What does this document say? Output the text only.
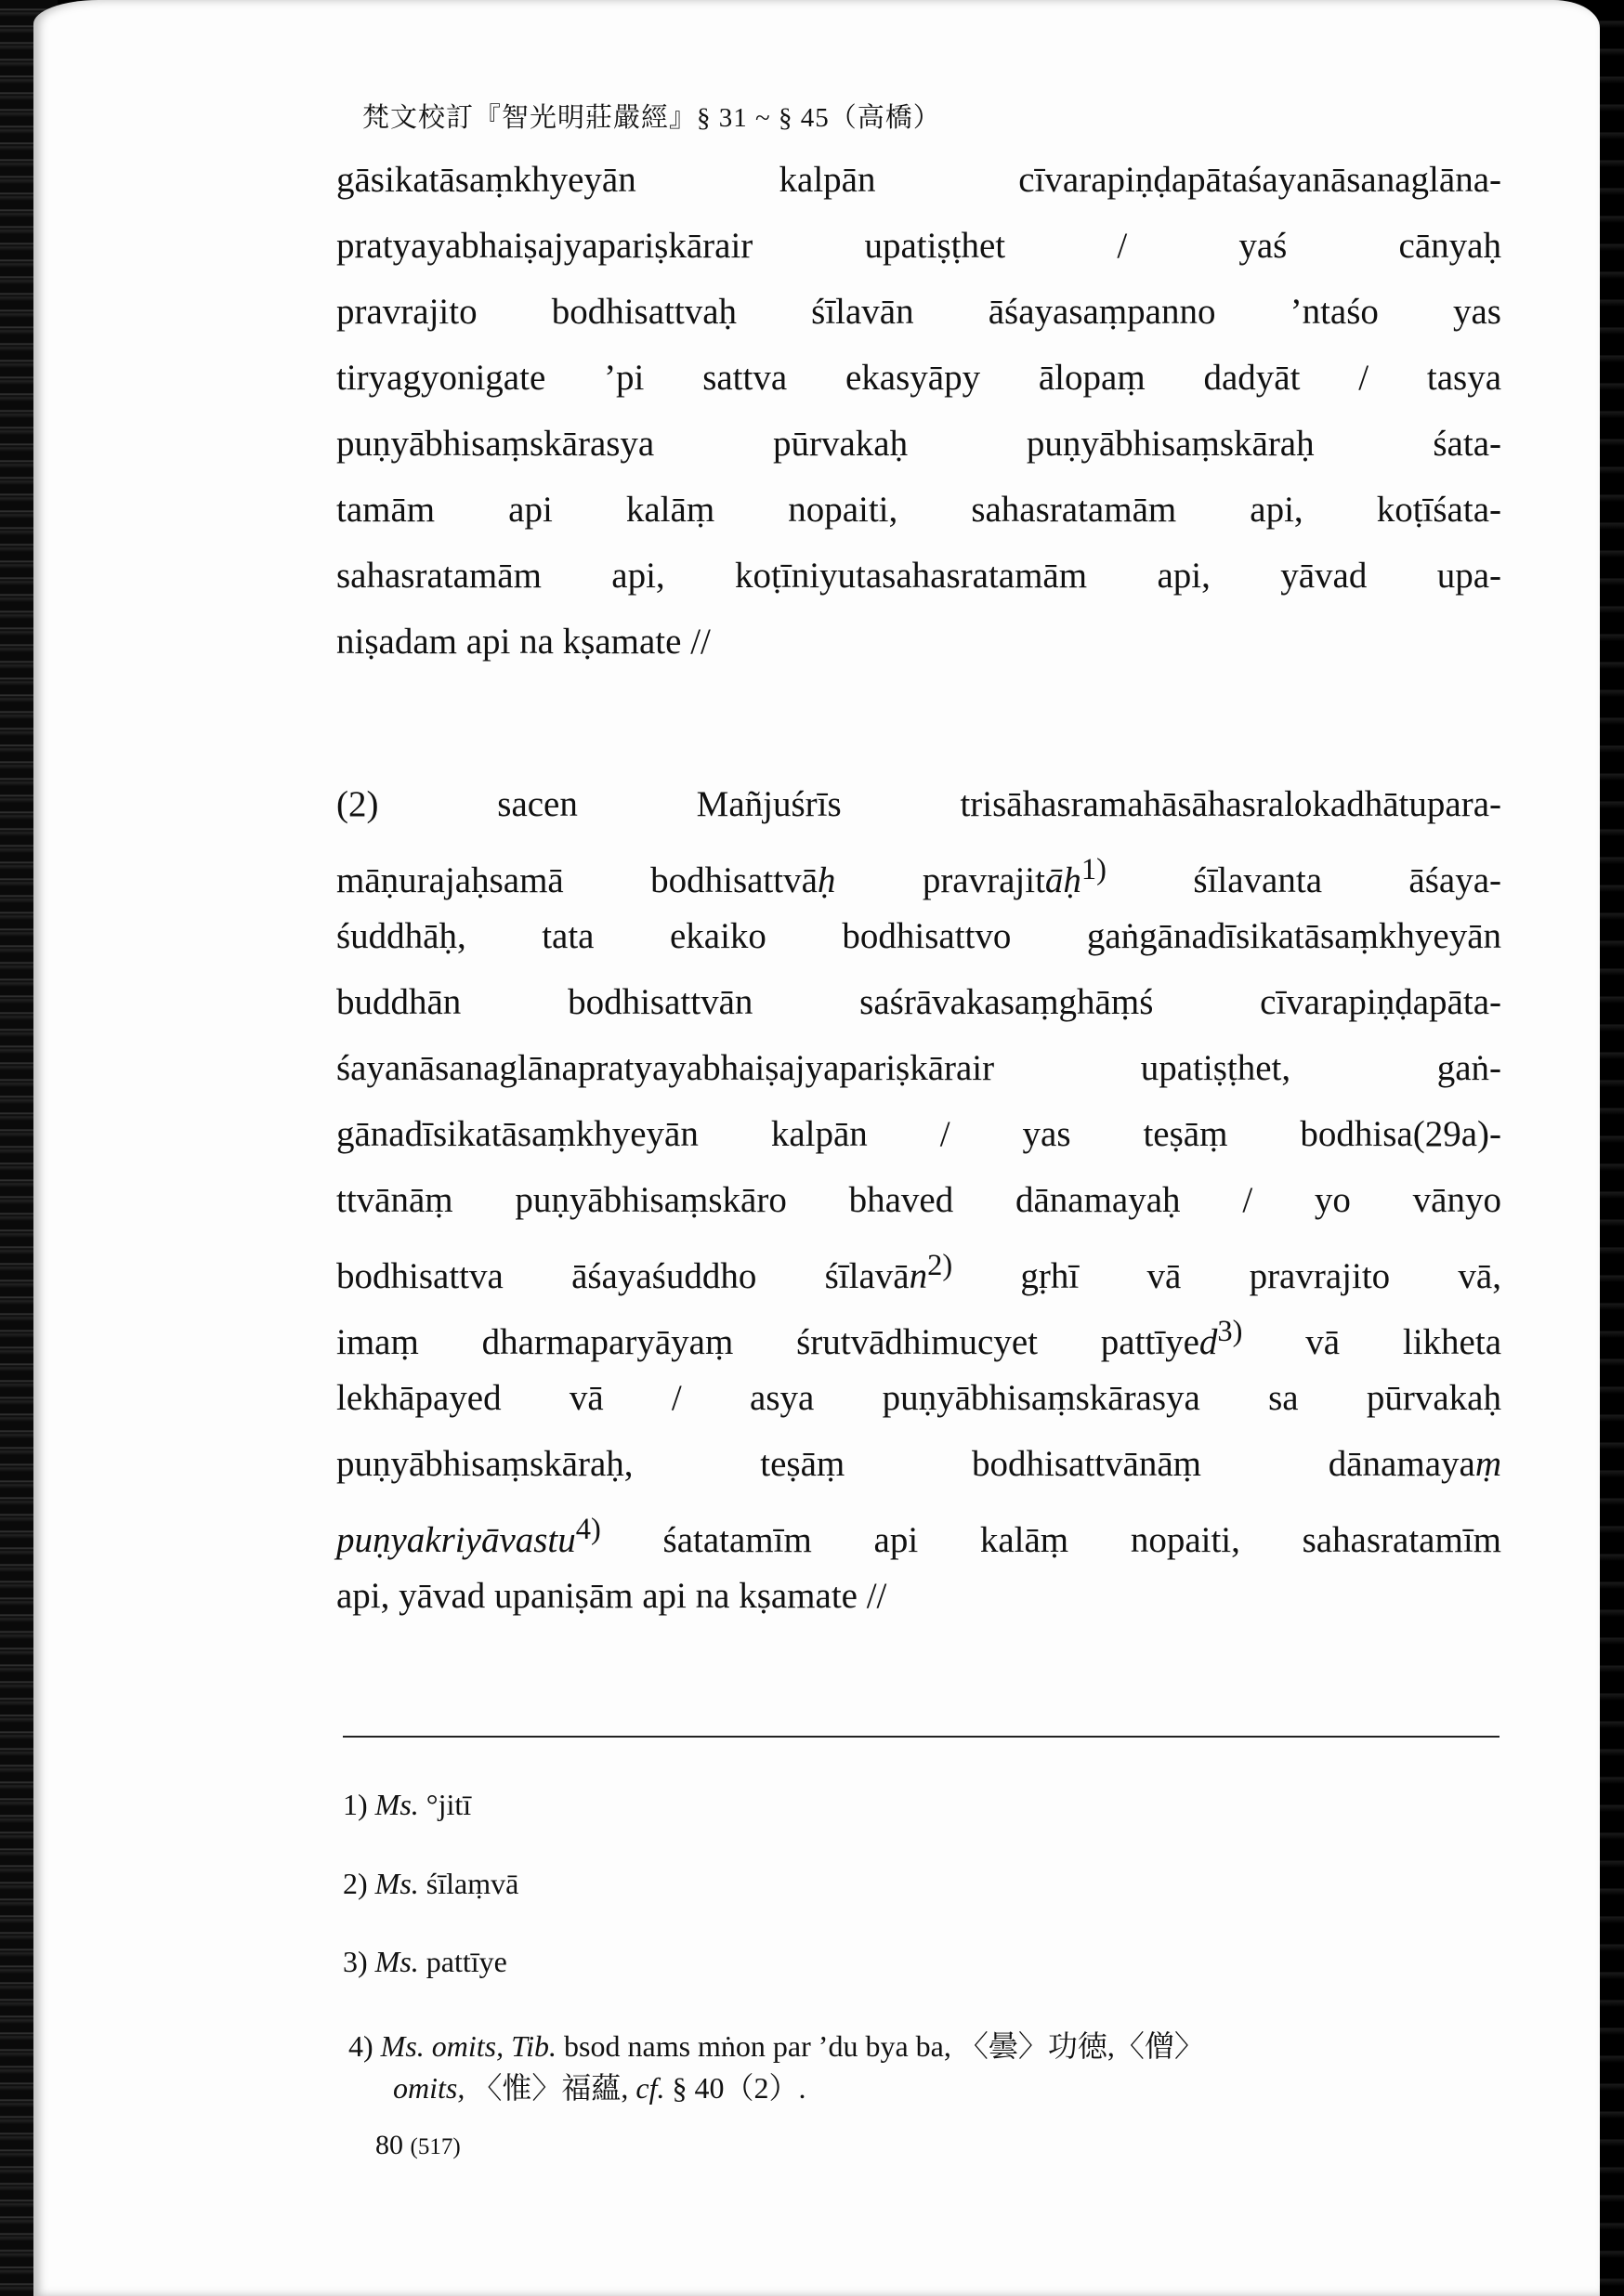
梵文校訂『智光明莊嚴經』§ 31 ~ § 45（高橋）
gāsikatāsaṃkhyeyān kalpān cīvarapiṇḍapātaśayanāsanaglāna-
pratyayabhaiṣajyapariṣkārair upatiṣṭhet / yaś cānyaḥ
pravrajito bodhisattvaḥ śīlavān āśayasaṃpanno ’ntaśo yas
tiryagyonigate ’pi sattva ekasyāpy ālopaṃ dadyāt / tasya
puṇyābhisaṃskārasya pūrvakaḥ puṇyābhisaṃskāraḥ śata-
tamām api kalāṃ nopaiti, sahasratamām api, koṭīśata-
sahasratamām api, koṭīniyutasahasratamām api, yāvad upa-
niṣadam api na kṣamate //
(2) sacen Mañjuśrīs trisāhasramahāsāhasralokadhātupara-
māṇurajaḥsamā bodhisattvāḥ pravrajitāḥ$^{1)}$ śīlavanta āśaya-
śuddhāḥ, tata ekaiko bodhisattvo gaṅgānadīsikatāsaṃkhyeyān
buddhān bodhisattvān saśrāvakasaṃghāṃś cīvarapiṇḍapāta-
śayanāsanaglānapratyayabhaiṣajyapariṣkārair upatiṣṭhet, gaṅ-
gānadīsikatāsaṃkhyeyān kalpān / yas teṣāṃ bodhisa(29a)-
ttvānāṃ puṇyābhisaṃskāro bhaved dānamayaḥ / yo vānyo
bodhisattva āśayaśuddho śīlavān$^{2)}$ gṛhī vā pravrajito vā,
imaṃ dharmaparyāyaṃ śrutvādhimucyet pattīyed$^{3)}$ vā likheta
lekhāpayed vā / asya puṇyābhisaṃskārasya sa pūrvakaḥ
puṇyābhisaṃskāraḥ, teṣāṃ bodhisattvānāṃ dānamayaṃ
puṇyakriyāvastu$^{4)}$ śatatamīm api kalāṃ nopaiti, sahasratamīm
api, yāvad upaniṣām api na kṣamate //
1) Ms. °jitī
2) Ms. śīlaṃvā
3) Ms. pattīye
4) Ms. omits, Tib. bsod nams mṅon par ’du bya ba, 〈曇〉功徳,〈僧〉
omits, 〈惟〉福蘊, cf. § 40（2）.
80 (517)
